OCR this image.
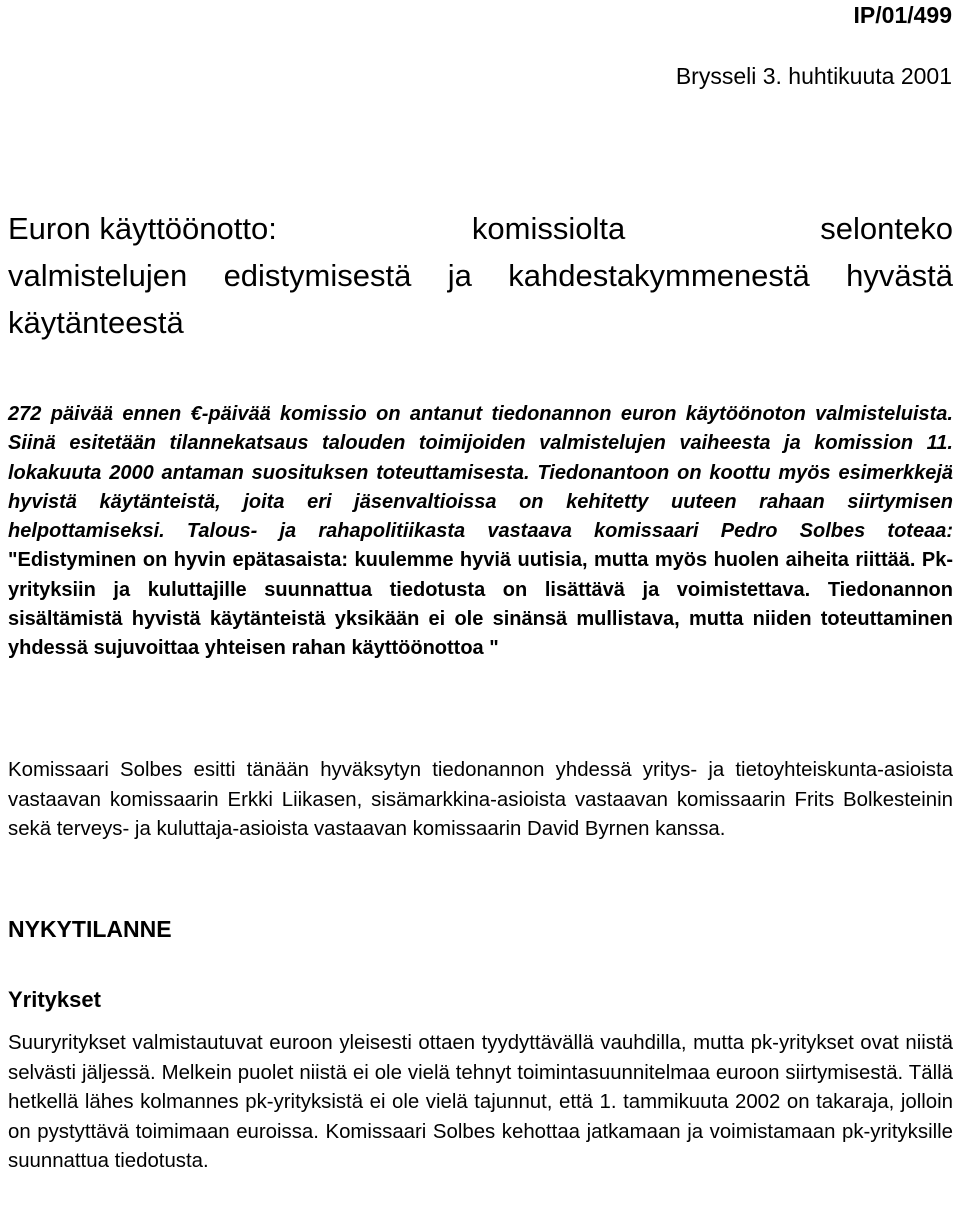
IP/01/499
Brysseli 3. huhtikuuta 2001
Euron käyttöönotto:	komissiolta	selonteko
valmistelujen edistymisestä ja kahdestakymmenestä hyvästä käytänteestä

272 päivää ennen €-päivää komissio on antanut tiedonannon euron käytöönoton valmisteluista. Siinä esitetään tilannekatsaus talouden toimijoiden valmistelujen vaiheesta ja komission 11. lokakuuta 2000 antaman suosituksen toteuttamisesta. Tiedonantoon on koottu myös esimerkkejä hyvistä käytänteistä, joita eri jäsenvaltioissa on kehitetty uuteen rahaan siirtymisen helpottamiseksi. Talous- ja rahapolitiikasta vastaava komissaari Pedro Solbes toteaa: "Edistyminen on hyvin epätasaista: kuulemme hyviä uutisia, mutta myös huolen aiheita riittää. Pk-yrityksiin ja kuluttajille suunnattua tiedotusta on lisättävä ja voimistettava. Tiedonannon sisältämistä hyvistä käytänteistä yksikään ei ole sinänsä mullistava, mutta niiden toteuttaminen yhdessä sujuvoittaa yhteisen rahan käyttöönottoa "

Komissaari Solbes esitti tänään hyväksytyn tiedonannon yhdessä yritys- ja tietoyhteiskunta-asioista vastaavan komissaarin Erkki Liikasen, sisämarkkina-asioista vastaavan komissaarin Frits Bolkesteinin sekä terveys- ja kuluttaja-asioista vastaavan komissaarin David Byrnen kanssa.

NYKYTILANNE
Yritykset

Suuryritykset valmistautuvat euroon yleisesti ottaen tyydyttävällä vauhdilla, mutta pk-yritykset ovat niistä selvästi jäljessä. Melkein puolet niistä ei ole vielä tehnyt toimintasuunnitelmaa euroon siirtymisestä. Tällä hetkellä lähes kolmannes pk-yrityksistä ei ole vielä tajunnut, että 1. tammikuuta 2002 on takaraja, jolloin on pystyttävä toimimaan euroissa. Komissaari Solbes kehottaa jatkamaan ja voimistamaan pk-yrityksille suunnattua tiedotusta.
